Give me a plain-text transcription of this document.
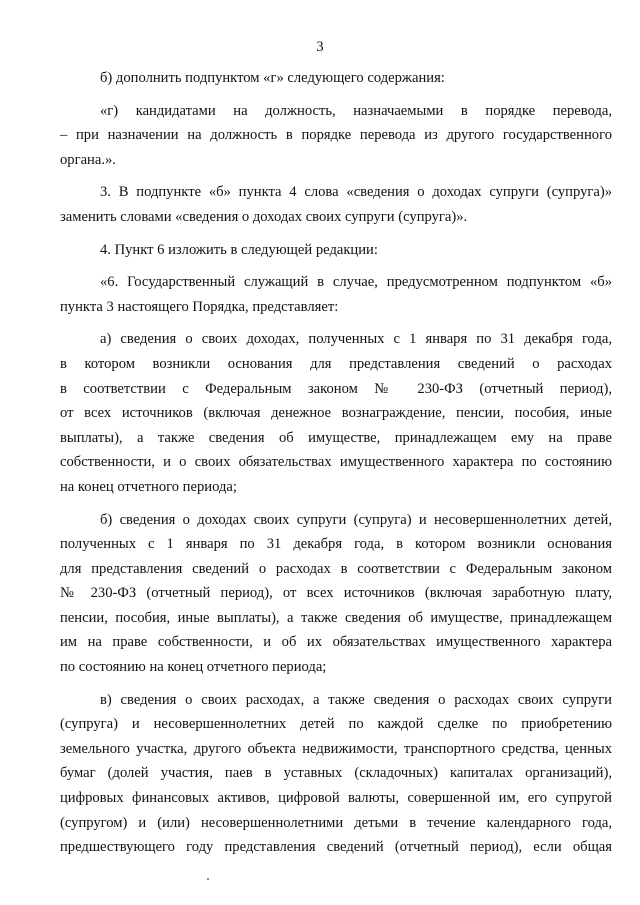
3

б) дополнить подпунктом «г» следующего содержания:

«г) кандидатами на должность, назначаемыми в порядке перевода,
– при назначении на должность в порядке перевода из другого государственного
органа.».

3. В подпункте «б» пункта 4 слова «сведения о доходах супруги (супруга)»
заменить словами «сведения о доходах своих супруги (супруга)».

4. Пункт 6 изложить в следующей редакции:

«6. Государственный служащий в случае, предусмотренном подпунктом «б»
пункта 3 настоящего Порядка, представляет:

а) сведения о своих доходах, полученных с 1 января по 31 декабря года,
в котором возникли основания для представления сведений о расходах
в соответствии с Федеральным законом № 230-ФЗ (отчетный период),
от всех источников (включая денежное вознаграждение, пенсии, пособия, иные
выплаты), а также сведения об имуществе, принадлежащем ему на праве
собственности, и о своих обязательствах имущественного характера по состоянию
на конец отчетного периода;

б) сведения о доходах своих супруги (супруга) и несовершеннолетних детей,
полученных с 1 января по 31 декабря года, в котором возникли основания
для представления сведений о расходах в соответствии с Федеральным законом
№ 230-ФЗ (отчетный период), от всех источников (включая заработную плату,
пенсии, пособия, иные выплаты), а также сведения об имуществе, принадлежащем
им на праве собственности, и об их обязательствах имущественного характера
по состоянию на конец отчетного периода;

в) сведения о своих расходах, а также сведения о расходах своих супруги
(супруга) и несовершеннолетних детей по каждой сделке по приобретению
земельного участка, другого объекта недвижимости, транспортного средства, ценных
бумаг (долей участия, паев в уставных (складочных) капиталах организаций),
цифровых финансовых активов, цифровой валюты, совершенной им, его супругой
(супругом) и (или) несовершеннолетними детьми в течение календарного года,
предшествующего году представления сведений (отчетный период), если общая
